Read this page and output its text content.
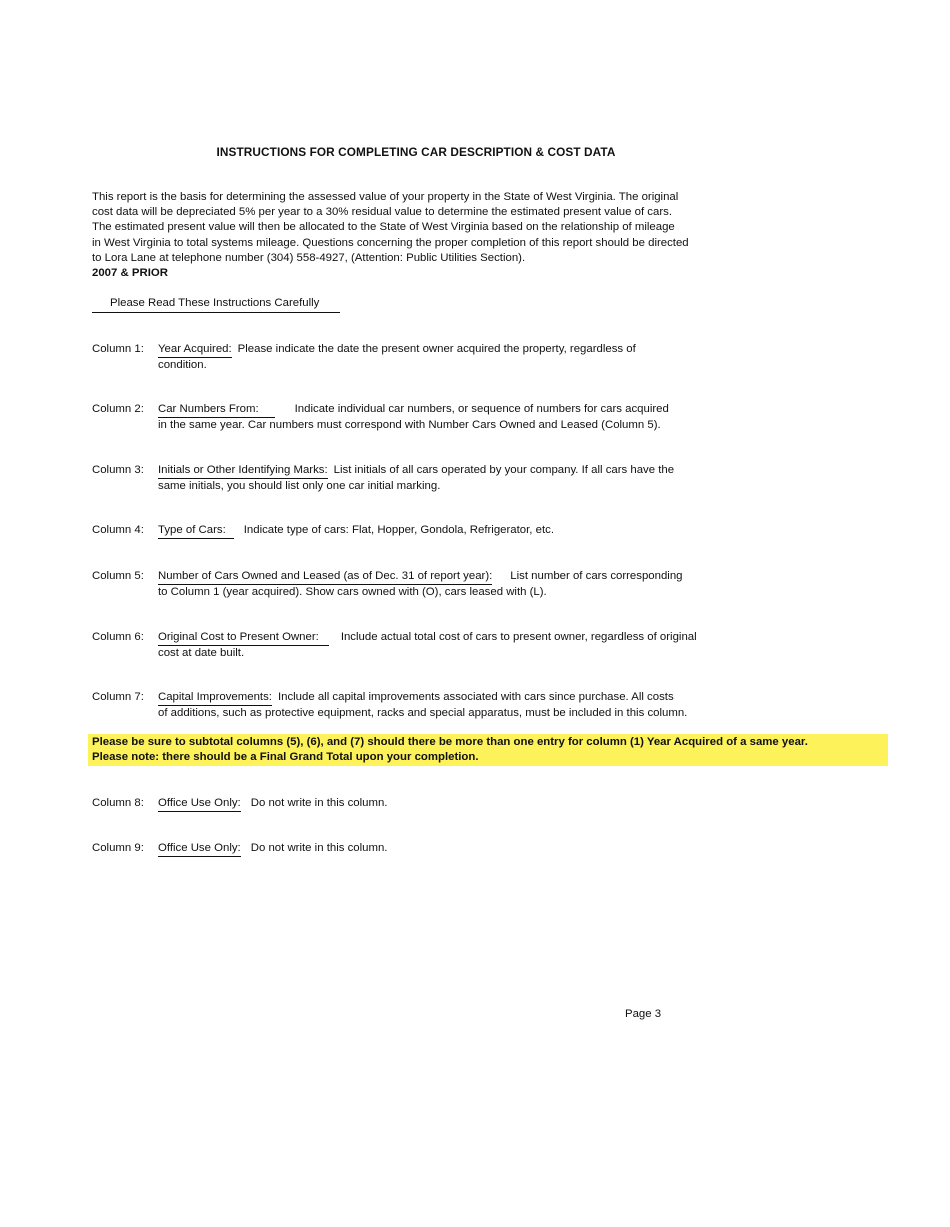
INSTRUCTIONS FOR COMPLETING CAR DESCRIPTION & COST DATA
This report is the basis for determining the assessed value of your property in the State of West Virginia. The original
cost data will be depreciated 5% per year to a 30% residual value to determine the estimated present value of cars.
The estimated present value will then be allocated to the State of West Virginia based on the relationship of mileage
in West Virginia to total systems mileage. Questions concerning the proper completion of this report should be directed
to Lora Lane at telephone number (304) 558-4927, (Attention: Public Utilities Section).
2007 & PRIOR
Please Read These Instructions Carefully
Column 1: Year Acquired: Please indicate the date the present owner acquired the property, regardless of
condition.
Column 2: Car Numbers From:	Indicate individual car numbers, or sequence of numbers for cars acquired
in the same year. Car numbers must correspond with Number Cars Owned and Leased (Column 5).
Column 3: Initials or Other Identifying Marks: List initials of all cars operated by your company. If all cars have the
same initials, you should list only one car initial marking.
Column 4: Type of Cars: Indicate type of cars: Flat, Hopper, Gondola, Refrigerator, etc.
Column 5: Number of Cars Owned and Leased (as of Dec. 31 of report year): List number of cars corresponding
to Column 1 (year acquired). Show cars owned with (O), cars leased with (L).
Column 6: Original Cost to Present Owner: Include actual total cost of cars to present owner, regardless of original
cost at date built.
Column 7: Capital Improvements: Include all capital improvements associated with cars since purchase. All costs
of additions, such as protective equipment, racks and special apparatus, must be included in this column.
Please be sure to subtotal columns (5), (6), and (7) should there be more than one entry for column (1) Year Acquired of a same year.
Please note: there should be a Final Grand Total upon your completion.
Column 8: Office Use Only: Do not write in this column.
Column 9: Office Use Only: Do not write in this column.
Page 3
